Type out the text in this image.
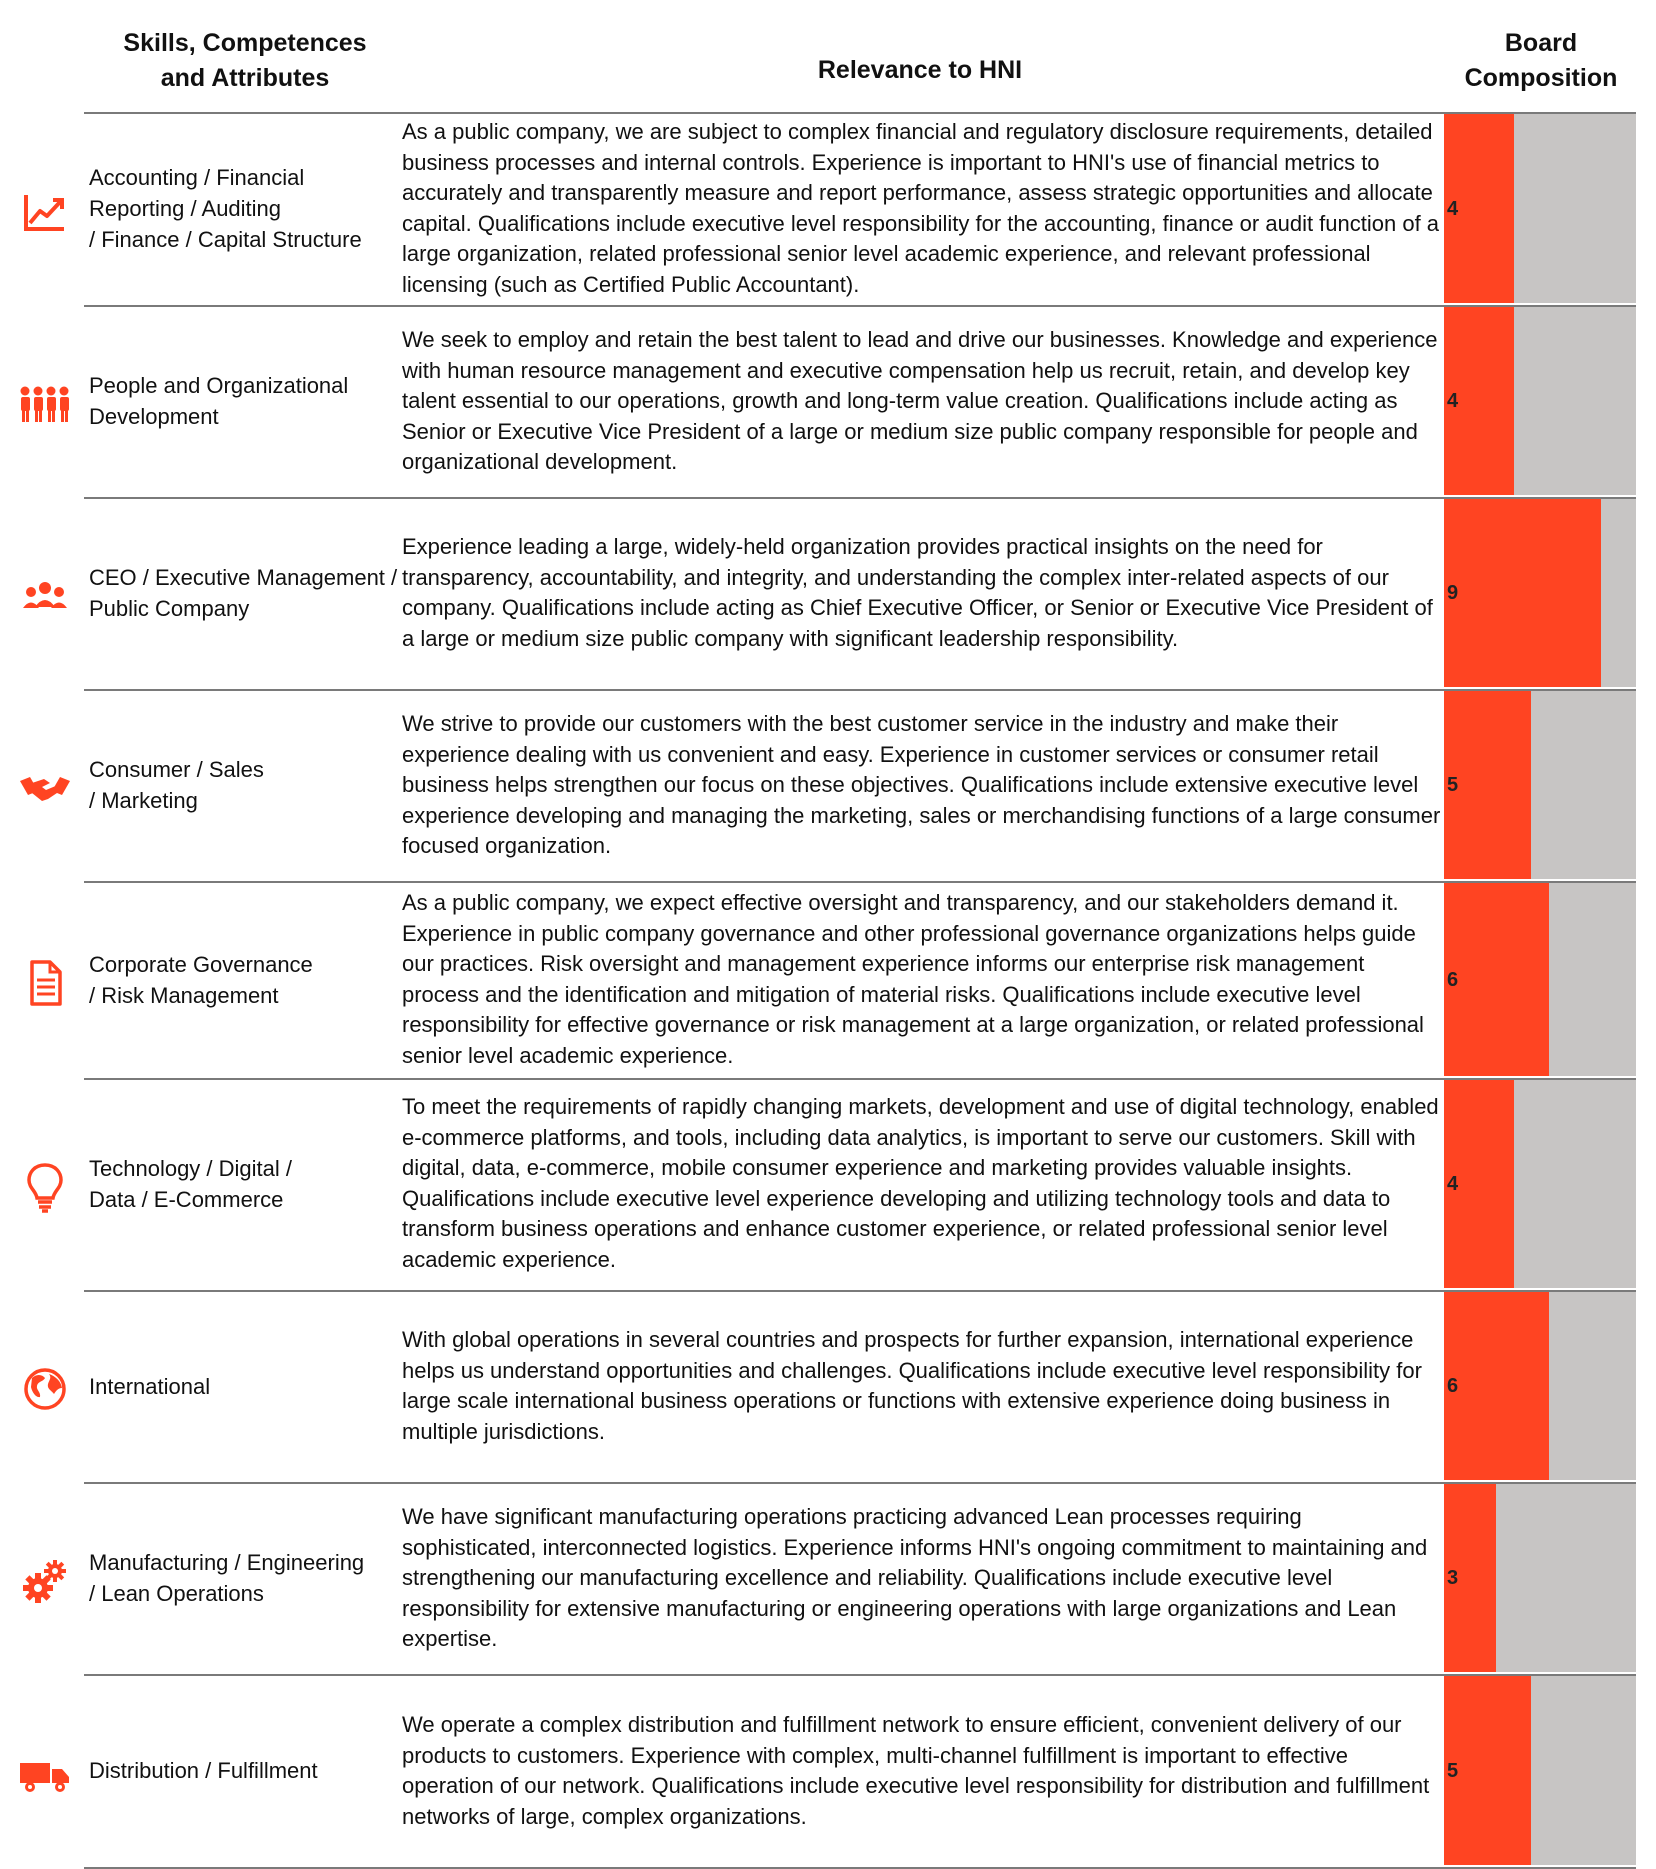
Skills, Competences
and Attributes	Relevance to HNI
Board
Composition
Accounting / Financial
Reporting / Auditing
/ Finance / Capital Structure
As a public company, we are subject to complex financial and regulatory disclosure requirements, detailed business processes and internal controls. Experience is important to HNI's use of financial metrics to accurately and transparently measure and report performance, assess strategic opportunities and allocate capital. Qualifications include executive level responsibility for the accounting, finance or audit function of a large organization, related professional senior level academic experience, and relevant professional licensing (such as Certified Public Accountant).
4
People and Organizational
Development
We seek to employ and retain the best talent to lead and drive our businesses. Knowledge and experience with human resource management and executive compensation help us recruit, retain, and develop key talent essential to our operations, growth and long-term value creation. Qualifications include acting as Senior or Executive Vice President of a large or medium size public company responsible for people and organizational development.
4
CEO / Executive Management /
Public Company
Experience leading a large, widely-held organization provides practical insights on the need for transparency, accountability, and integrity, and understanding the complex inter-related aspects of our company. Qualifications include acting as Chief Executive Officer, or Senior or Executive Vice President of a large or medium size public company with significant leadership responsibility.
9
Consumer / Sales
/ Marketing
We strive to provide our customers with the best customer service in the industry and make their experience dealing with us convenient and easy. Experience in customer services or consumer retail business helps strengthen our focus on these objectives. Qualifications include extensive executive level experience developing and managing the marketing, sales or merchandising functions of a large consumer focused organization.
5
Corporate Governance
/ Risk Management
As a public company, we expect effective oversight and transparency, and our stakeholders demand it. Experience in public company governance and other professional governance organizations helps guide our practices. Risk oversight and management experience informs our enterprise risk management process and the identification and mitigation of material risks. Qualifications include executive level responsibility for effective governance or risk management at a large organization, or related professional senior level academic experience.
6
Technology / Digital /
Data / E-Commerce
To meet the requirements of rapidly changing markets, development and use of digital technology, enabled e-commerce platforms, and tools, including data analytics, is important to serve our customers. Skill with digital, data, e-commerce, mobile consumer experience and marketing provides valuable insights. Qualifications include executive level experience developing and utilizing technology tools and data to transform business operations and enhance customer experience, or related professional senior level academic experience.
4
International
With global operations in several countries and prospects for further expansion, international experience helps us understand opportunities and challenges. Qualifications include executive level responsibility for large scale international business operations or functions with extensive experience doing business in multiple jurisdictions.
6
Manufacturing / Engineering
/ Lean Operations
We have significant manufacturing operations practicing advanced Lean processes requiring sophisticated, interconnected logistics. Experience informs HNI's ongoing commitment to maintaining and strengthening our manufacturing excellence and reliability. Qualifications include executive level responsibility for extensive manufacturing or engineering operations with large organizations and Lean expertise.
3
Distribution / Fulfillment
We operate a complex distribution and fulfillment network to ensure efficient, convenient delivery of our products to customers. Experience with complex, multi-channel fulfillment is important to effective operation of our network. Qualifications include executive level responsibility for distribution and fulfillment networks of large, complex organizations.
5
